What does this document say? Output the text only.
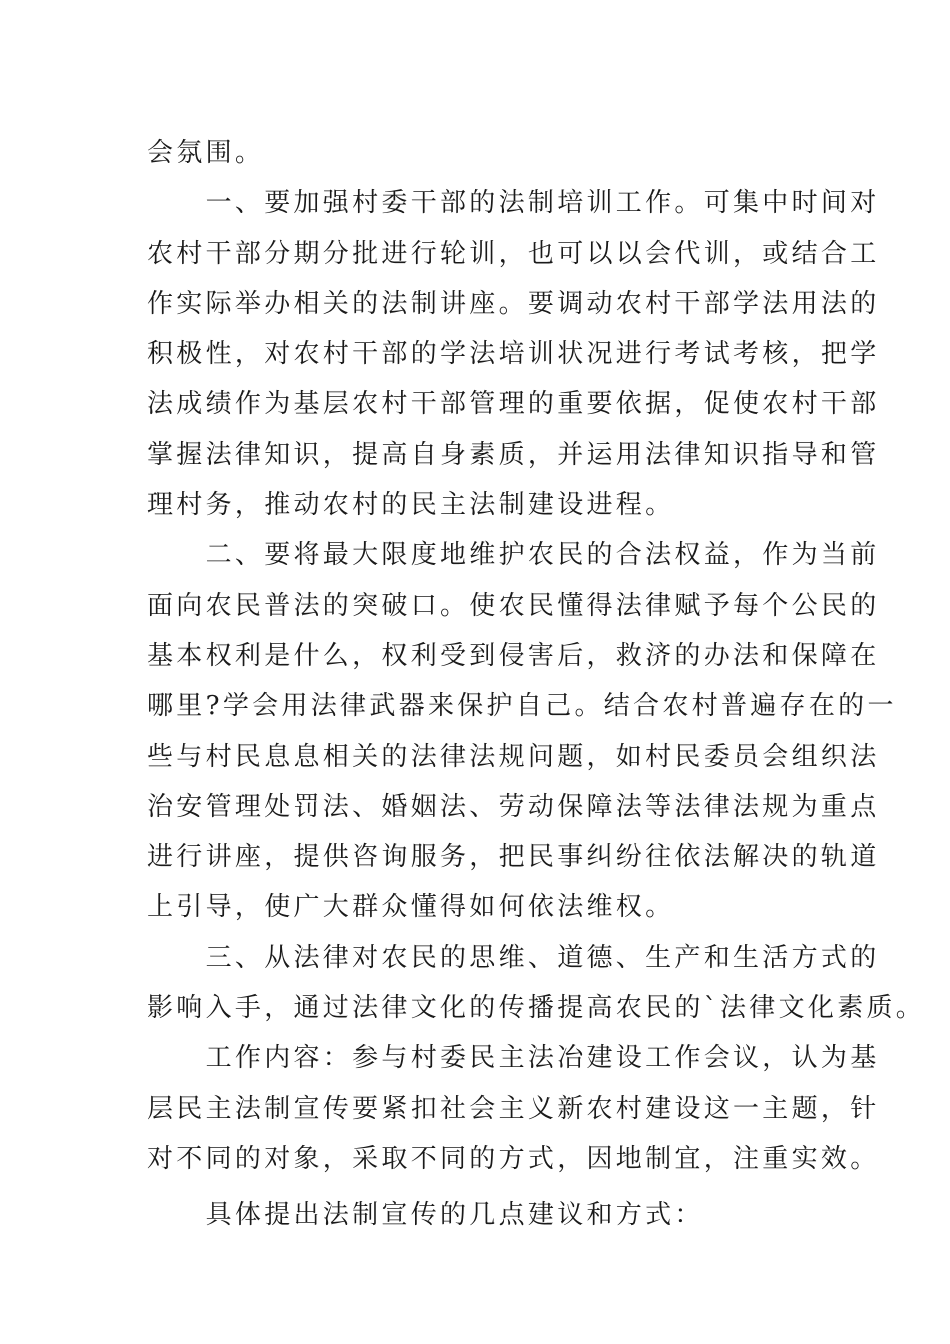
会氛围。
　　一、要加强村委干部的法制培训工作。可集中时间对
农村干部分期分批进行轮训，也可以以会代训，或结合工
作实际举办相关的法制讲座。要调动农村干部学法用法的
积极性，对农村干部的学法培训状况进行考试考核，把学
法成绩作为基层农村干部管理的重要依据，促使农村干部
掌握法律知识，提高自身素质，并运用法律知识指导和管
理村务，推动农村的民主法制建设进程。
　　二、要将最大限度地维护农民的合法权益，作为当前
面向农民普法的突破口。使农民懂得法律赋予每个公民的
基本权利是什么，权利受到侵害后，救济的办法和保障在
哪里?学会用法律武器来保护自己。结合农村普遍存在的一
些与村民息息相关的法律法规问题，如村民委员会组织法
治安管理处罚法、婚姻法、劳动保障法等法律法规为重点
进行讲座，提供咨询服务，把民事纠纷往依法解决的轨道
上引导，使广大群众懂得如何依法维权。
　　三、从法律对农民的思维、道德、生产和生活方式的
影响入手，通过法律文化的传播提高农民的`法律文化素质。
　　工作内容：参与村委民主法冶建设工作会议，认为基
层民主法制宣传要紧扣社会主义新农村建设这一主题，针
对不同的对象，采取不同的方式，因地制宜，注重实效。
　　具体提出法制宣传的几点建议和方式：
